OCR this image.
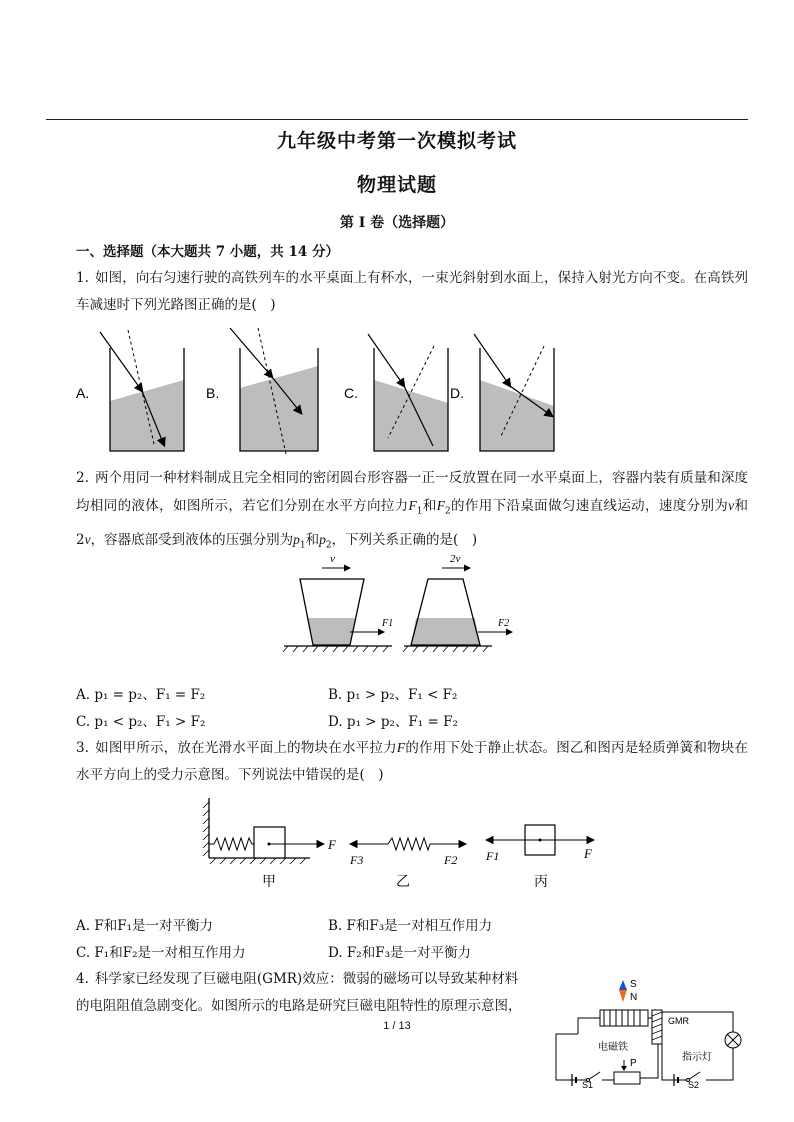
九年级中考第一次模拟考试
物理试题
第 I 卷（选择题）
一、选择题（本大题共 7 小题，共 14 分）
1. 如图，向右匀速行驶的高铁列车的水平桌面上有杯水，一束光斜射到水面上，保持入射光方向不变。在高铁列车减速时下列光路图正确的是(　)
A.	B.	C.	D.
2. 两个用同一种材料制成且完全相同的密闭圆台形容器一正一反放置在同一水平桌面上，容器内装有质量和深度均相同的液体，如图所示，若它们分别在水平方向拉力$F_1$和$F_2$的作用下沿桌面做匀速直线运动，速度分别为v和2v，容器底部受到液体的压强分别为$p_1$和$p_2$，下列关系正确的是(　)
v
F1
2v
F2
A. p₁ = p₂、F₁ = F₂	B. p₁ > p₂、F₁ < F₂
C. p₁ < p₂、F₁ > F₂	D. p₁ > p₂、F₁ = F₂
3. 如图甲所示，放在光滑水平面上的物块在水平拉力F的作用下处于静止状态。图乙和图丙是轻质弹簧和物块在水平方向上的受力示意图。下列说法中错误的是(　)
F
甲
F3	F2
乙
F1	F
丙
A. F和F₁是一对平衡力	B. F和F₃是一对相互作用力
C. F₁和F₂是一对相互作用力	D. F₂和F₃是一对平衡力
4. 科学家已经发现了巨磁电阻(GMR)效应：微弱的磁场可以导致某种材料
的电阻阻值急剧变化。如图所示的电路是研究巨磁电阻特性的原理示意图，
S
N
电磁铁
S1
P
GMR
指示灯
S2
1 / 13
